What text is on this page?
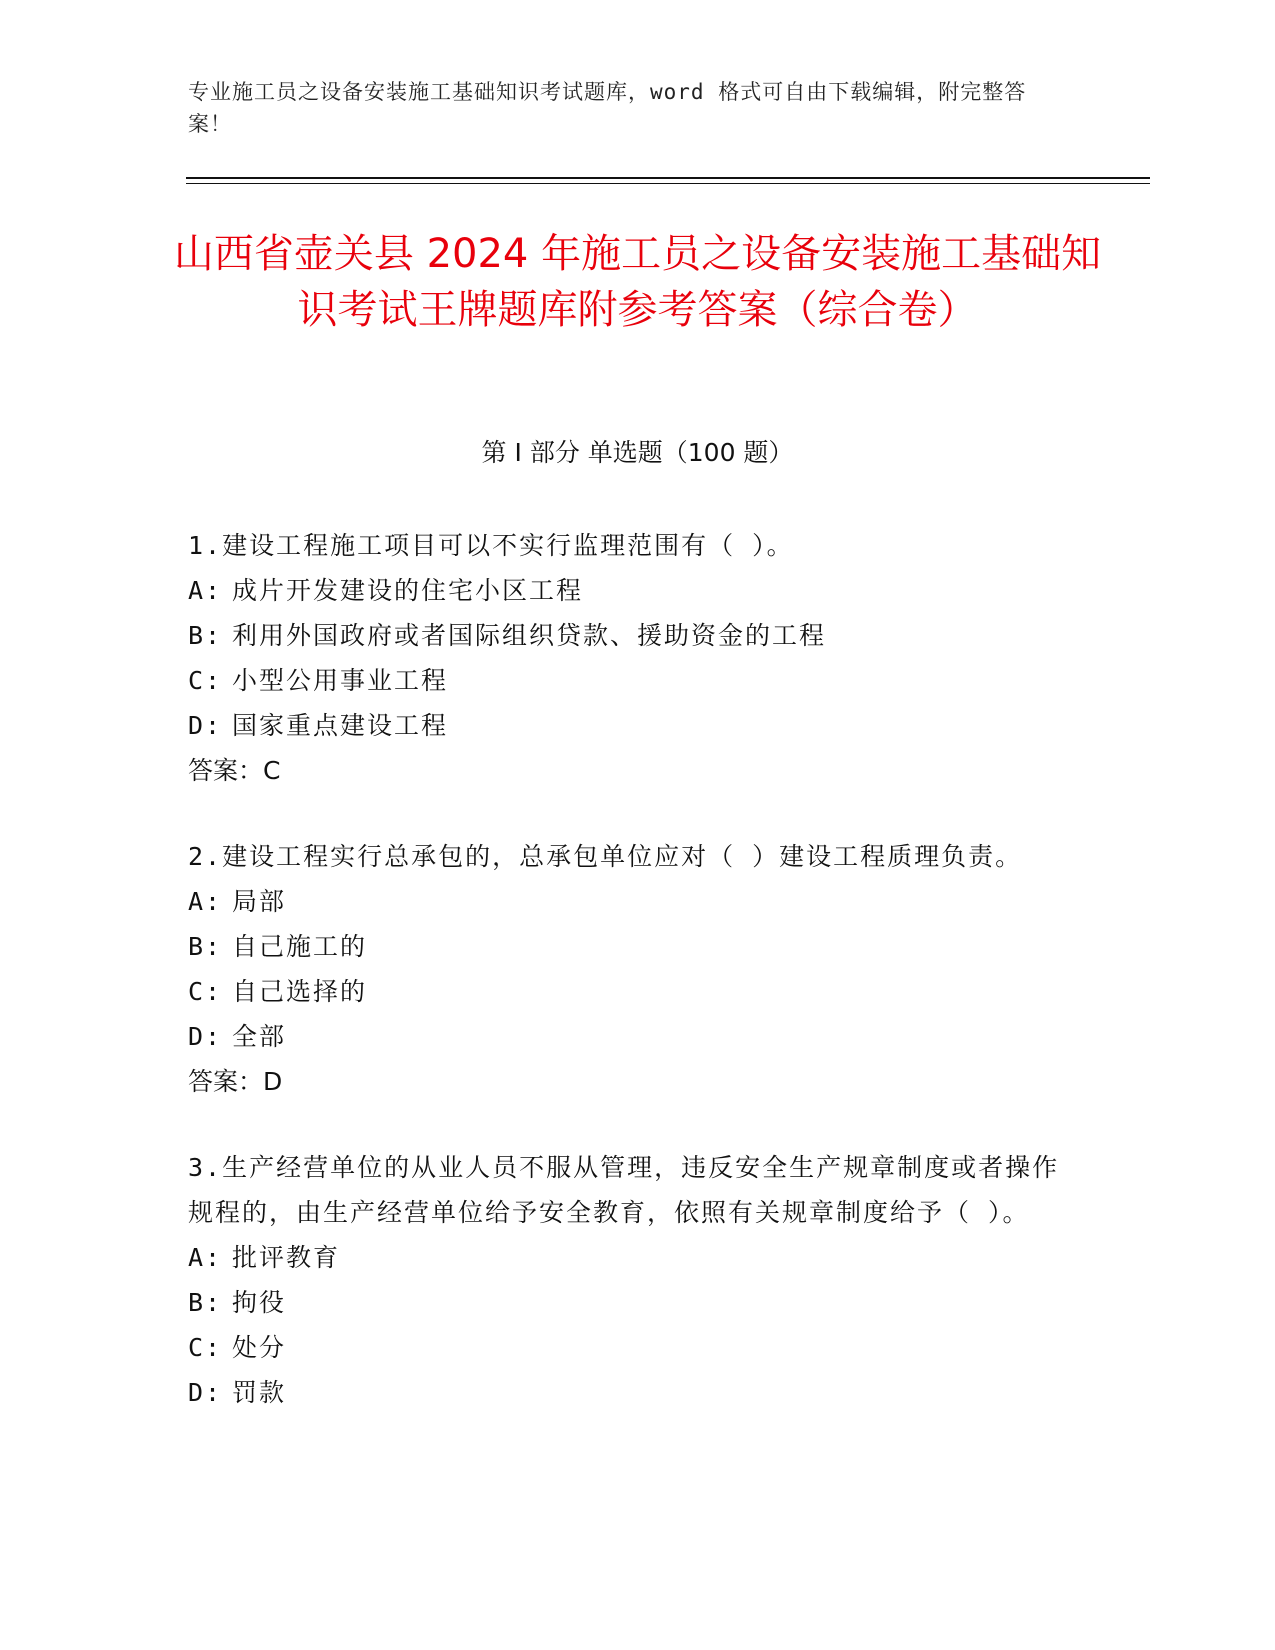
专业施工员之设备安装施工基础知识考试题库，word 格式可自由下载编辑，附完整答案！
山西省壶关县 2024 年施工员之设备安装施工基础知识考试王牌题库附参考答案（综合卷）
第 I 部分 单选题（100 题）
1.建设工程施工项目可以不实行监理范围有（ ）。
A: 成片开发建设的住宅小区工程
B: 利用外国政府或者国际组织贷款、援助资金的工程
C: 小型公用事业工程
D: 国家重点建设工程
答案：C
2.建设工程实行总承包的，总承包单位应对（ ）建设工程质理负责。
A: 局部
B: 自己施工的
C: 自己选择的
D: 全部
答案：D
3.生产经营单位的从业人员不服从管理，违反安全生产规章制度或者操作规程的，由生产经营单位给予安全教育，依照有关规章制度给予（ ）。
A: 批评教育
B: 拘役
C: 处分
D: 罚款
